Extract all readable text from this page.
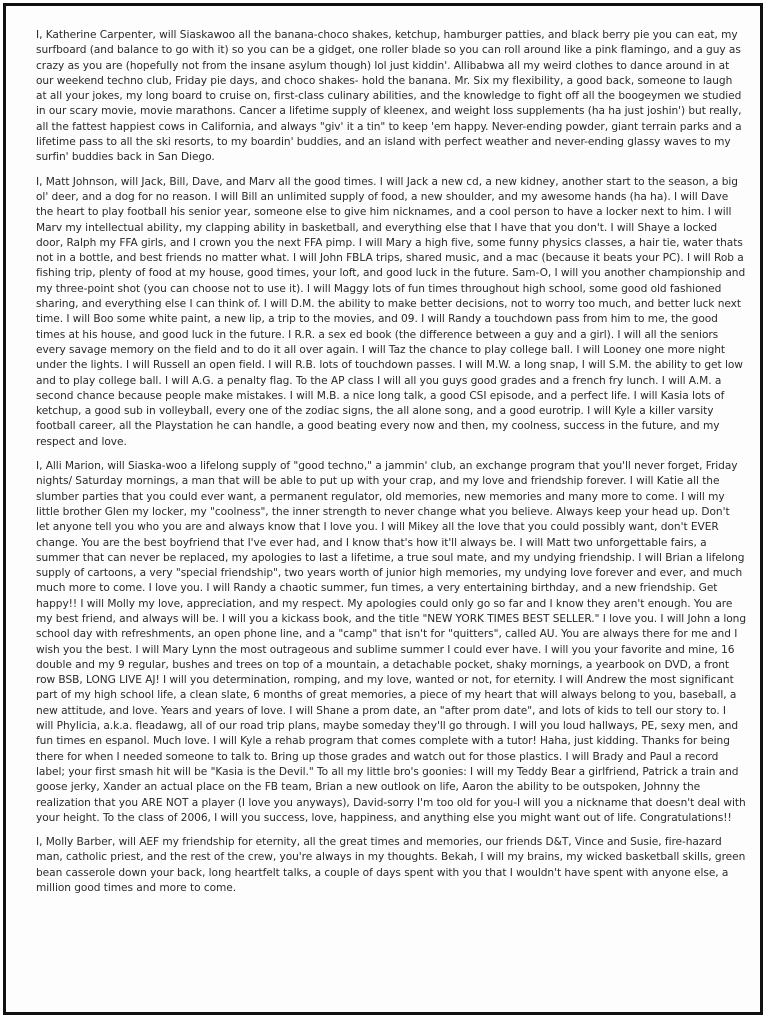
I, Katherine Carpenter, will Siaskawoo all the banana-choco shakes, ketchup, hamburger patties, and black berry pie you can eat, my surfboard (and balance to go with it) so you can be a gidget, one roller blade so you can roll around like a pink flamingo, and a guy as crazy as you are (hopefully not from the insane asylum though) lol just kiddin'. Allibabwa all my weird clothes to dance around in at our weekend techno club, Friday pie days, and choco shakes- hold the banana. Mr. Six my flexibility, a good back, someone to laugh at all your jokes, my long board to cruise on, first-class culinary abilities, and the knowledge to fight off all the boogeymen we studied in our scary movie, movie marathons. Cancer a lifetime supply of kleenex, and weight loss supplements (ha ha just joshin') but really, all the fattest happiest cows in California, and always "giv' it a tin" to keep 'em happy. Never-ending powder, giant terrain parks and a lifetime pass to all the ski resorts, to my boardin' buddies, and an island with perfect weather and never-ending glassy waves to my surfin' buddies back in San Diego.

I, Matt Johnson, will Jack, Bill, Dave, and Marv all the good times. I will Jack a new cd, a new kidney, another start to the season, a big ol' deer, and a dog for no reason. I will Bill an unlimited supply of food, a new shoulder, and my awesome hands (ha ha). I will Dave the heart to play football his senior year, someone else to give him nicknames, and a cool person to have a locker next to him. I will Marv my intellectual ability, my clapping ability in basketball, and everything else that I have that you don't. I will Shaye a locked door, Ralph my FFA girls, and I crown you the next FFA pimp. I will Mary a high five, some funny physics classes, a hair tie, water thats not in a bottle, and best friends no matter what. I will John FBLA trips, shared music, and a mac (because it beats your PC). I will Rob a fishing trip, plenty of food at my house, good times, your loft, and good luck in the future. Sam-O, I will you another championship and my three-point shot (you can choose not to use it). I will Maggy lots of fun times throughout high school, some good old fashioned sharing, and everything else I can think of. I will D.M. the ability to make better decisions, not to worry too much, and better luck next time. I will Boo some white paint, a new lip, a trip to the movies, and 09. I will Randy a touchdown pass from him to me, the good times at his house, and good luck in the future. I R.R. a sex ed book (the difference between a guy and a girl). I will all the seniors every savage memory on the field and to do it all over again. I will Taz the chance to play college ball. I will Looney one more night under the lights. I will Russell an open field. I will R.B. lots of touchdown passes. I will M.W. a long snap, I will S.M. the ability to get low and to play college ball. I will A.G. a penalty flag. To the AP class I will all you guys good grades and a french fry lunch. I will A.M. a second chance because people make mistakes. I will M.B. a nice long talk, a good CSI episode, and a perfect life. I will Kasia lots of ketchup, a good sub in volleyball, every one of the zodiac signs, the all alone song, and a good eurotrip. I will Kyle a killer varsity football career, all the Playstation he can handle, a good beating every now and then, my coolness, success in the future, and my respect and love.

I, Alli Marion, will Siaska-woo a lifelong supply of "good techno," a jammin' club, an exchange program that you'll never forget, Friday nights/ Saturday mornings, a man that will be able to put up with your crap, and my love and friendship forever. I will Katie all the slumber parties that you could ever want, a permanent regulator, old memories, new memories and many more to come. I will my little brother Glen my locker, my "coolness", the inner strength to never change what you believe. Always keep your head up. Don't let anyone tell you who you are and always know that I love you. I will Mikey all the love that you could possibly want, don't EVER change. You are the best boyfriend that I've ever had, and I know that's how it'll always be. I will Matt two unforgettable fairs, a summer that can never be replaced, my apologies to last a lifetime, a true soul mate, and my undying friendship. I will Brian a lifelong supply of cartoons, a very "special friendship", two years worth of junior high memories, my undying love forever and ever, and much much more to come. I love you. I will Randy a chaotic summer, fun times, a very entertaining birthday, and a new friendship. Get happy!! I will Molly my love, appreciation, and my respect. My apologies could only go so far and I know they aren't enough. You are my best friend, and always will be. I will you a kickass book, and the title "NEW YORK TIMES BEST SELLER." I love you. I will John a long school day with refreshments, an open phone line, and a "camp" that isn't for "quitters", called AU. You are always there for me and I wish you the best. I will Mary Lynn the most outrageous and sublime summer I could ever have. I will you your favorite and mine, 16 double and my 9 regular, bushes and trees on top of a mountain, a detachable pocket, shaky mornings, a yearbook on DVD, a front row BSB, LONG LIVE AJ! I will you determination, romping, and my love, wanted or not, for eternity. I will Andrew the most significant part of my high school life, a clean slate, 6 months of great memories, a piece of my heart that will always belong to you, baseball, a new attitude, and love. Years and years of love. I will Shane a prom date, an "after prom date", and lots of kids to tell our story to. I will Phylicia, a.k.a. fleadawg, all of our road trip plans, maybe someday they'll go through. I will you loud hallways, PE, sexy men, and fun times en espanol. Much love. I will Kyle a rehab program that comes complete with a tutor! Haha, just kidding. Thanks for being there for when I needed someone to talk to. Bring up those grades and watch out for those plastics. I will Brady and Paul a record label; your first smash hit will be "Kasia is the Devil." To all my little bro's goonies: I will my Teddy Bear a girlfriend, Patrick a train and goose jerky, Xander an actual place on the FB team, Brian a new outlook on life, Aaron the ability to be outspoken, Johnny the realization that you ARE NOT a player (I love you anyways), David-sorry I'm too old for you-I will you a nickname that doesn't deal with your height. To the class of 2006, I will you success, love, happiness, and anything else you might want out of life. Congratulations!!

I, Molly Barber, will AEF my friendship for eternity, all the great times and memories, our friends D&T, Vince and Susie, fire-hazard man, catholic priest, and the rest of the crew, you're always in my thoughts. Bekah, I will my brains, my wicked basketball skills, green bean casserole down your back, long heartfelt talks, a couple of days spent with you that I wouldn't have spent with anyone else, a million good times and more to come.
